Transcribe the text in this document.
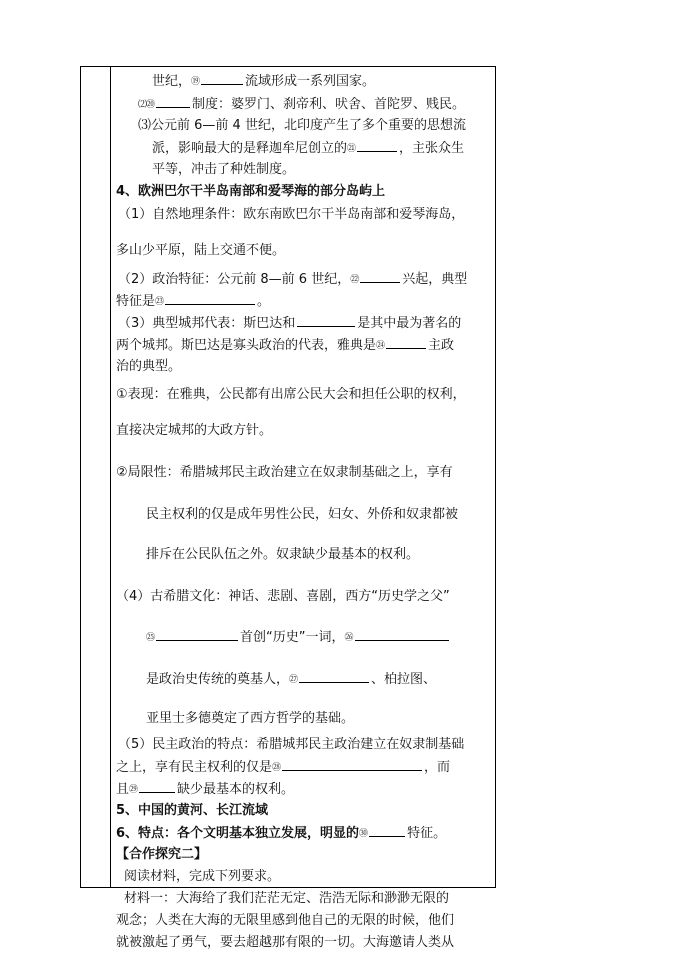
世纪，⑲	流域形成一系列国家。
⑵⑳	制度：婆罗门、刹帝利、吠舍、首陀罗、贱民。
⑶公元前 6—前 4 世纪，北印度产生了多个重要的思想流
派，影响最大的是释迦牟尼创立的㉑	，主张众生
平等，冲击了种姓制度。
4、欧洲巴尔干半岛南部和爱琴海的部分岛屿上
（1）自然地理条件：欧东南欧巴尔干半岛南部和爱琴海岛，
多山少平原，陆上交通不便。
（2）政治特征：公元前 8—前 6 世纪，㉒	兴起，典型
特征是㉓	。
（3）典型城邦代表：斯巴达和	是其中最为著名的
两个城邦。斯巴达是寡头政治的代表，雅典是㉔	主政
治的典型。
①表现：在雅典，公民都有出席公民大会和担任公职的权利，
直接决定城邦的大政方针。
②局限性：希腊城邦民主政治建立在奴隶制基础之上，享有
民主权利的仅是成年男性公民，妇女、外侨和奴隶都被
排斥在公民队伍之外。奴隶缺少最基本的权利。
（4）古希腊文化：神话、悲剧、喜剧，西方“历史学之父”
㉕	首创“历史”一词，㉖
是政治史传统的奠基人，㉗	、柏拉图、
亚里士多德奠定了西方哲学的基础。
（5）民主政治的特点：希腊城邦民主政治建立在奴隶制基础
之上，享有民主权利的仅是㉘	，而
且㉙	缺少最基本的权利。
5、中国的黄河、长江流域
6、特点：各个文明基本独立发展，明显的㉚	特征。
【合作探究二】
阅读材料，完成下列要求。
材料一：大海给了我们茫茫无定、浩浩无际和渺渺无限的
观念；人类在大海的无限里感到他自己的无限的时候，他们
就被激起了勇气，要去超越那有限的一切。大海邀请人类从
